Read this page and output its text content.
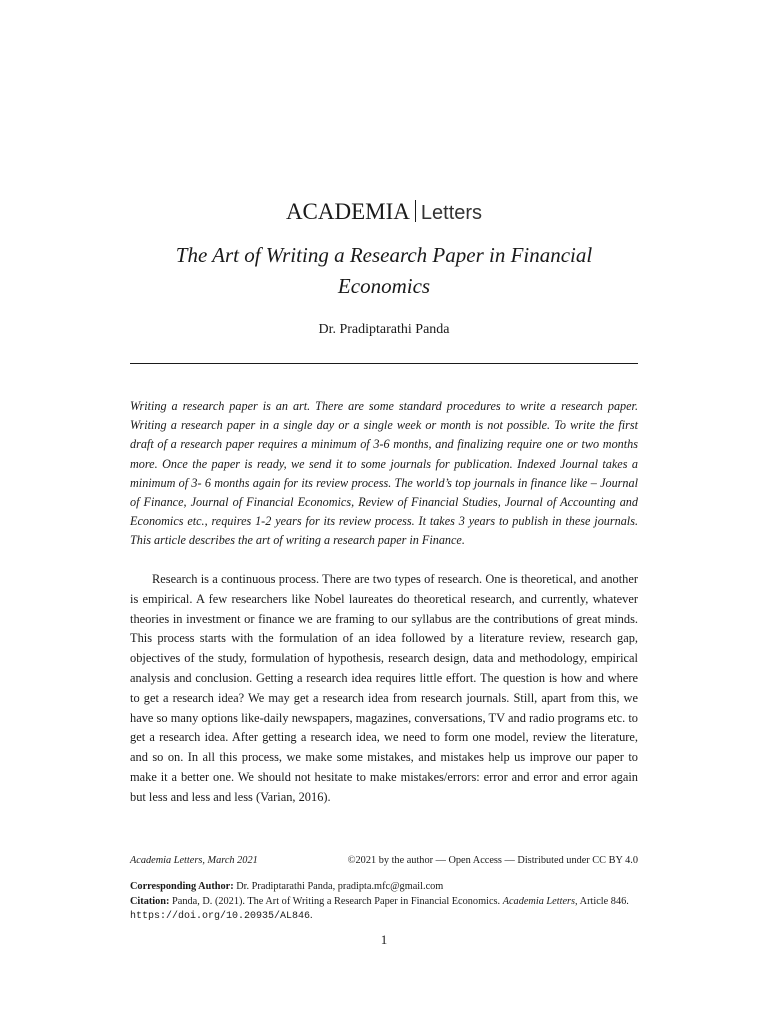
ACADEMIA Letters
The Art of Writing a Research Paper in Financial Economics
Dr. Pradiptarathi Panda
Writing a research paper is an art. There are some standard procedures to write a research paper. Writing a research paper in a single day or a single week or month is not possible. To write the first draft of a research paper requires a minimum of 3-6 months, and finalizing require one or two months more. Once the paper is ready, we send it to some journals for publication. Indexed Journal takes a minimum of 3- 6 months again for its review process. The world’s top journals in finance like – Journal of Finance, Journal of Financial Economics, Review of Financial Studies, Journal of Accounting and Economics etc., requires 1-2 years for its review process. It takes 3 years to publish in these journals. This article describes the art of writing a research paper in Finance.
Research is a continuous process. There are two types of research. One is theoretical, and another is empirical. A few researchers like Nobel laureates do theoretical research, and currently, whatever theories in investment or finance we are framing to our syllabus are the contributions of great minds. This process starts with the formulation of an idea followed by a literature review, research gap, objectives of the study, formulation of hypothesis, research design, data and methodology, empirical analysis and conclusion. Getting a research idea requires little effort. The question is how and where to get a research idea? We may get a research idea from research journals. Still, apart from this, we have so many options like-daily newspapers, magazines, conversations, TV and radio programs etc. to get a research idea. After getting a research idea, we need to form one model, review the literature, and so on. In all this process, we make some mistakes, and mistakes help us improve our paper to make it a better one. We should not hesitate to make mistakes/errors: error and error and error again but less and less and less (Varian, 2016).
Academia Letters, March 2021	©2021 by the author — Open Access — Distributed under CC BY 4.0
Corresponding Author: Dr. Pradiptarathi Panda, pradipta.mfc@gmail.com
Citation: Panda, D. (2021). The Art of Writing a Research Paper in Financial Economics. Academia Letters, Article 846. https://doi.org/10.20935/AL846.
1
